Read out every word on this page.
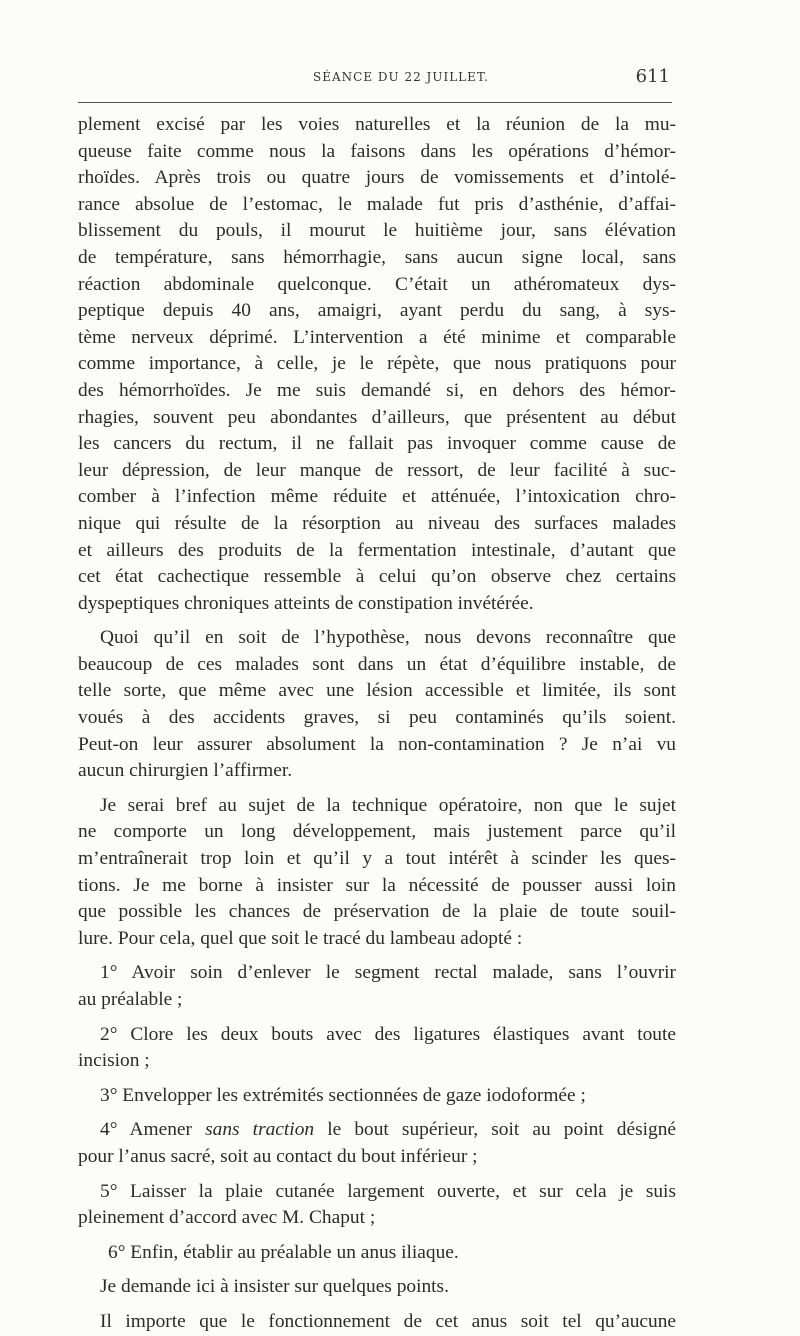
SÉANCE DU 22 JUILLET.	611
plement excisé par les voies naturelles et la réunion de la mu-
queuse faite comme nous la faisons dans les opérations d’hémor-
rhoïdes. Après trois ou quatre jours de vomissements et d’intolé-
rance absolue de l’estomac, le malade fut pris d’asthénie, d’affai-
blissement du pouls, il mourut le huitième jour, sans élévation
de température, sans hémorrhagie, sans aucun signe local, sans
réaction abdominale quelconque. C’était un athéromateux dys-
peptique depuis 40 ans, amaigri, ayant perdu du sang, à sys-
tème nerveux déprimé. L’intervention a été minime et comparable
comme importance, à celle, je le répète, que nous pratiquons pour
des hémorrhoïdes. Je me suis demandé si, en dehors des hémor-
rhagies, souvent peu abondantes d’ailleurs, que présentent au début
les cancers du rectum, il ne fallait pas invoquer comme cause de
leur dépression, de leur manque de ressort, de leur facilité à suc-
comber à l’infection même réduite et atténuée, l’intoxication chro-
nique qui résulte de la résorption au niveau des surfaces malades
et ailleurs des produits de la fermentation intestinale, d’autant que
cet état cachectique ressemble à celui qu’on observe chez certains
dyspeptiques chroniques atteints de constipation invétérée.
Quoi qu’il en soit de l’hypothèse, nous devons reconnaître que
beaucoup de ces malades sont dans un état d’équilibre instable, de
telle sorte, que même avec une lésion accessible et limitée, ils sont
voués à des accidents graves, si peu contaminés qu’ils soient.
Peut-on leur assurer absolument la non-contamination ? Je n’ai vu
aucun chirurgien l’affirmer.
Je serai bref au sujet de la technique opératoire, non que le sujet
ne comporte un long développement, mais justement parce qu’il
m’entraînerait trop loin et qu’il y a tout intérêt à scinder les ques-
tions. Je me borne à insister sur la nécessité de pousser aussi loin
que possible les chances de préservation de la plaie de toute souil-
lure. Pour cela, quel que soit le tracé du lambeau adopté :
1° Avoir soin d’enlever le segment rectal malade, sans l’ouvrir
au préalable ;
2° Clore les deux bouts avec des ligatures élastiques avant toute
incision ;
3° Envelopper les extrémités sectionnées de gaze iodoformée ;
4° Amener sans traction le bout supérieur, soit au point désigné
pour l’anus sacré, soit au contact du bout inférieur ;
5° Laisser la plaie cutanée largement ouverte, et sur cela je suis
pleinement d’accord avec M. Chaput ;
6° Enfin, établir au préalable un anus iliaque.
Je demande ici à insister sur quelques points.
Il importe que le fonctionnement de cet anus soit tel qu’aucune
